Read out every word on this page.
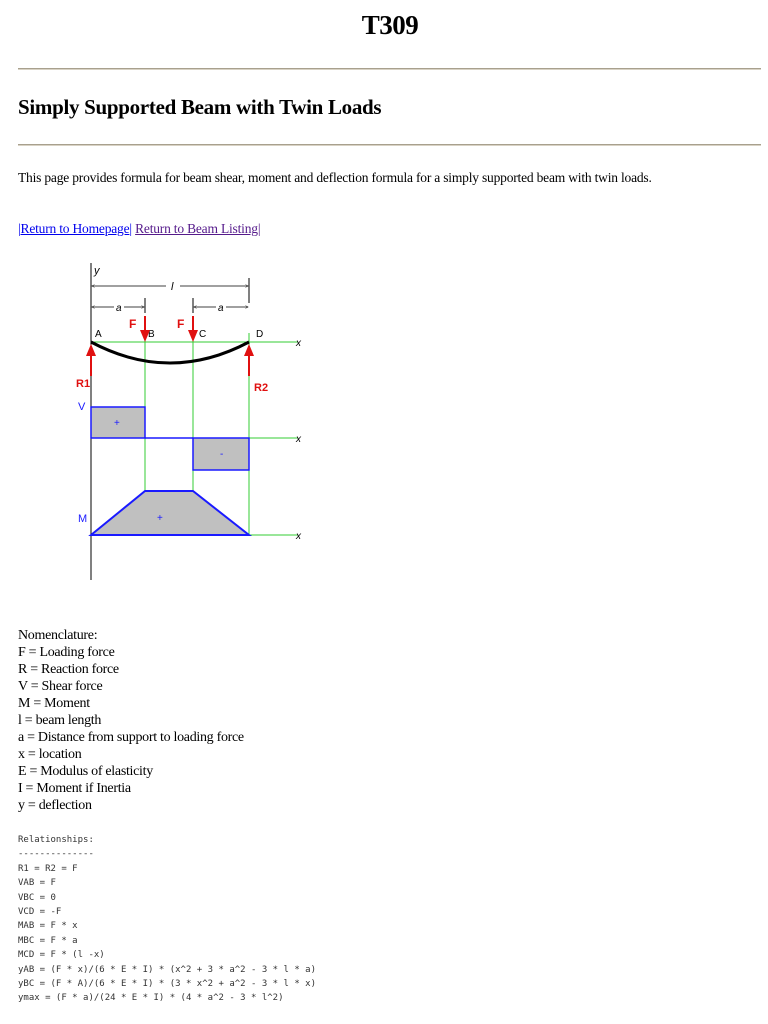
T309
Simply Supported Beam with Twin Loads
This page provides formula for beam shear, moment and deflection formula for a simply supported beam with twin loads.
|Return to Homepage| Return to Beam Listing|
y
l
a	a
A	B	C	D
x
F	F
R1	R2
V
+
-
x
M	+
x
Nomenclature:
F = Loading force
R = Reaction force
V = Shear force
M = Moment
l = beam length
a = Distance from support to loading force
x = location
E = Modulus of elasticity
I = Moment if Inertia
y = deflection
Relationships:
--------------
R1 = R2 = F
VAB = F
VBC = 0
VCD = -F
MAB = F * x
MBC = F * a
MCD = F * (l -x)
yAB = (F * x)/(6 * E * I) * (x^2 + 3 * a^2 - 3 * l * a)
yBC = (F * A)/(6 * E * I) * (3 * x^2 + a^2 - 3 * l * x)
ymax = (F * a)/(24 * E * I) * (4 * a^2 - 3 * l^2)
